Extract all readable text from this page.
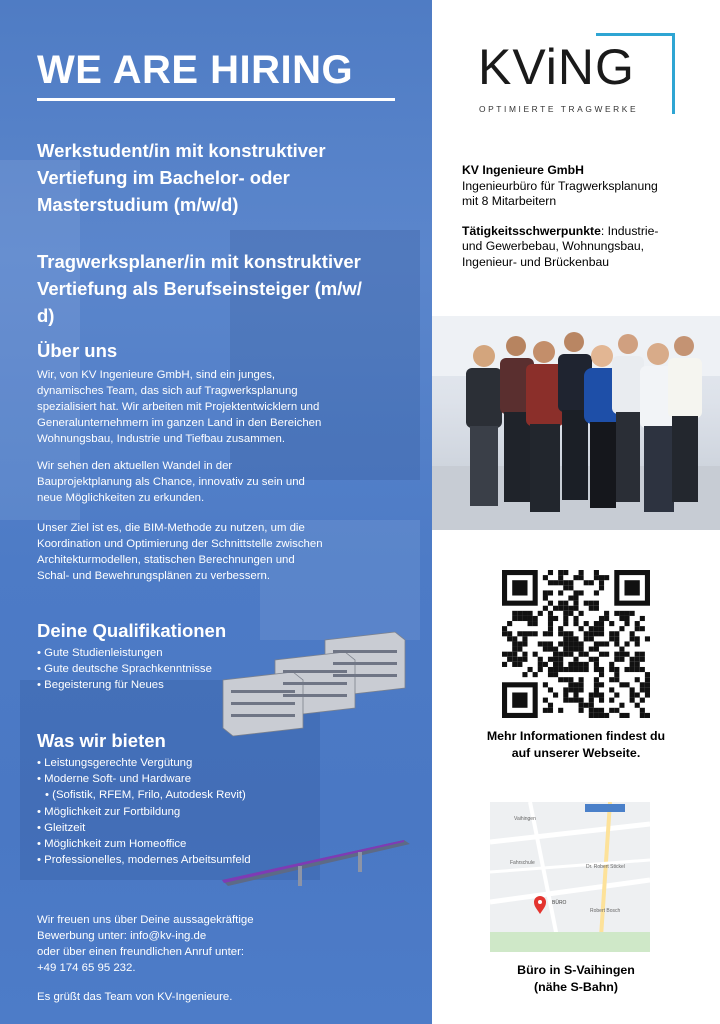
WE ARE HIRING
Werkstudent/in mit konstruktiver
Vertiefung im Bachelor- oder
Masterstudium (m/w/d)
Tragwerksplaner/in mit konstruktiver
Vertiefung als Berufseinsteiger (m/w/
d)
Über uns
Wir, von KV Ingenieure GmbH, sind ein junges,
dynamisches Team, das sich auf Tragwerksplanung
spezialisiert hat. Wir arbeiten mit Projektentwicklern und
Generalunternehmern im ganzen Land in den Bereichen
Wohnungsbau, Industrie und Tiefbau zusammen.
Wir sehen den aktuellen Wandel in der
Bauprojektplanung als Chance, innovativ zu sein und
neue Möglichkeiten zu erkunden.
Unser Ziel ist es, die BIM-Methode zu nutzen, um die
Koordination und Optimierung der Schnittstelle zwischen
Architekturmodellen, statischen Berechnungen und
Schal- und Bewehrungsplänen zu verbessern.
Deine Qualifikationen
• Gute Studienleistungen
• Gute deutsche Sprachkenntnisse
• Begeisterung für Neues
Was wir bieten
• Leistungsgerechte Vergütung
• Moderne Soft- und Hardware
• (Sofistik, RFEM, Frilo, Autodesk Revit)
• Möglichkeit zur Fortbildung
• Gleitzeit
• Möglichkeit zum Homeoffice
• Professionelles, modernes Arbeitsumfeld
Wir freuen uns über Deine aussagekräftige
Bewerbung unter: info@kv-ing.de
oder über einen freundlichen Anruf unter:
+49 174 65 95 232.
Es grüßt das Team von KV-Ingenieure.
KViNG
OPTIMIERTE TRAGWERKE
KV Ingenieure GmbH
Ingenieurbüro für Tragwerksplanung
mit 8 Mitarbeitern
Tätigkeitsschwerpunkte: Industrie-
und Gewerbebau, Wohnungsbau,
Ingenieur- und Brückenbau
Mehr Informationen findest du
auf unserer Webseite.
Vaihingen
Fahrschule
Robert Bosch
Dr. Robert Stickel
BÜRO
Büro in S-Vaihingen
(nähe S-Bahn)
